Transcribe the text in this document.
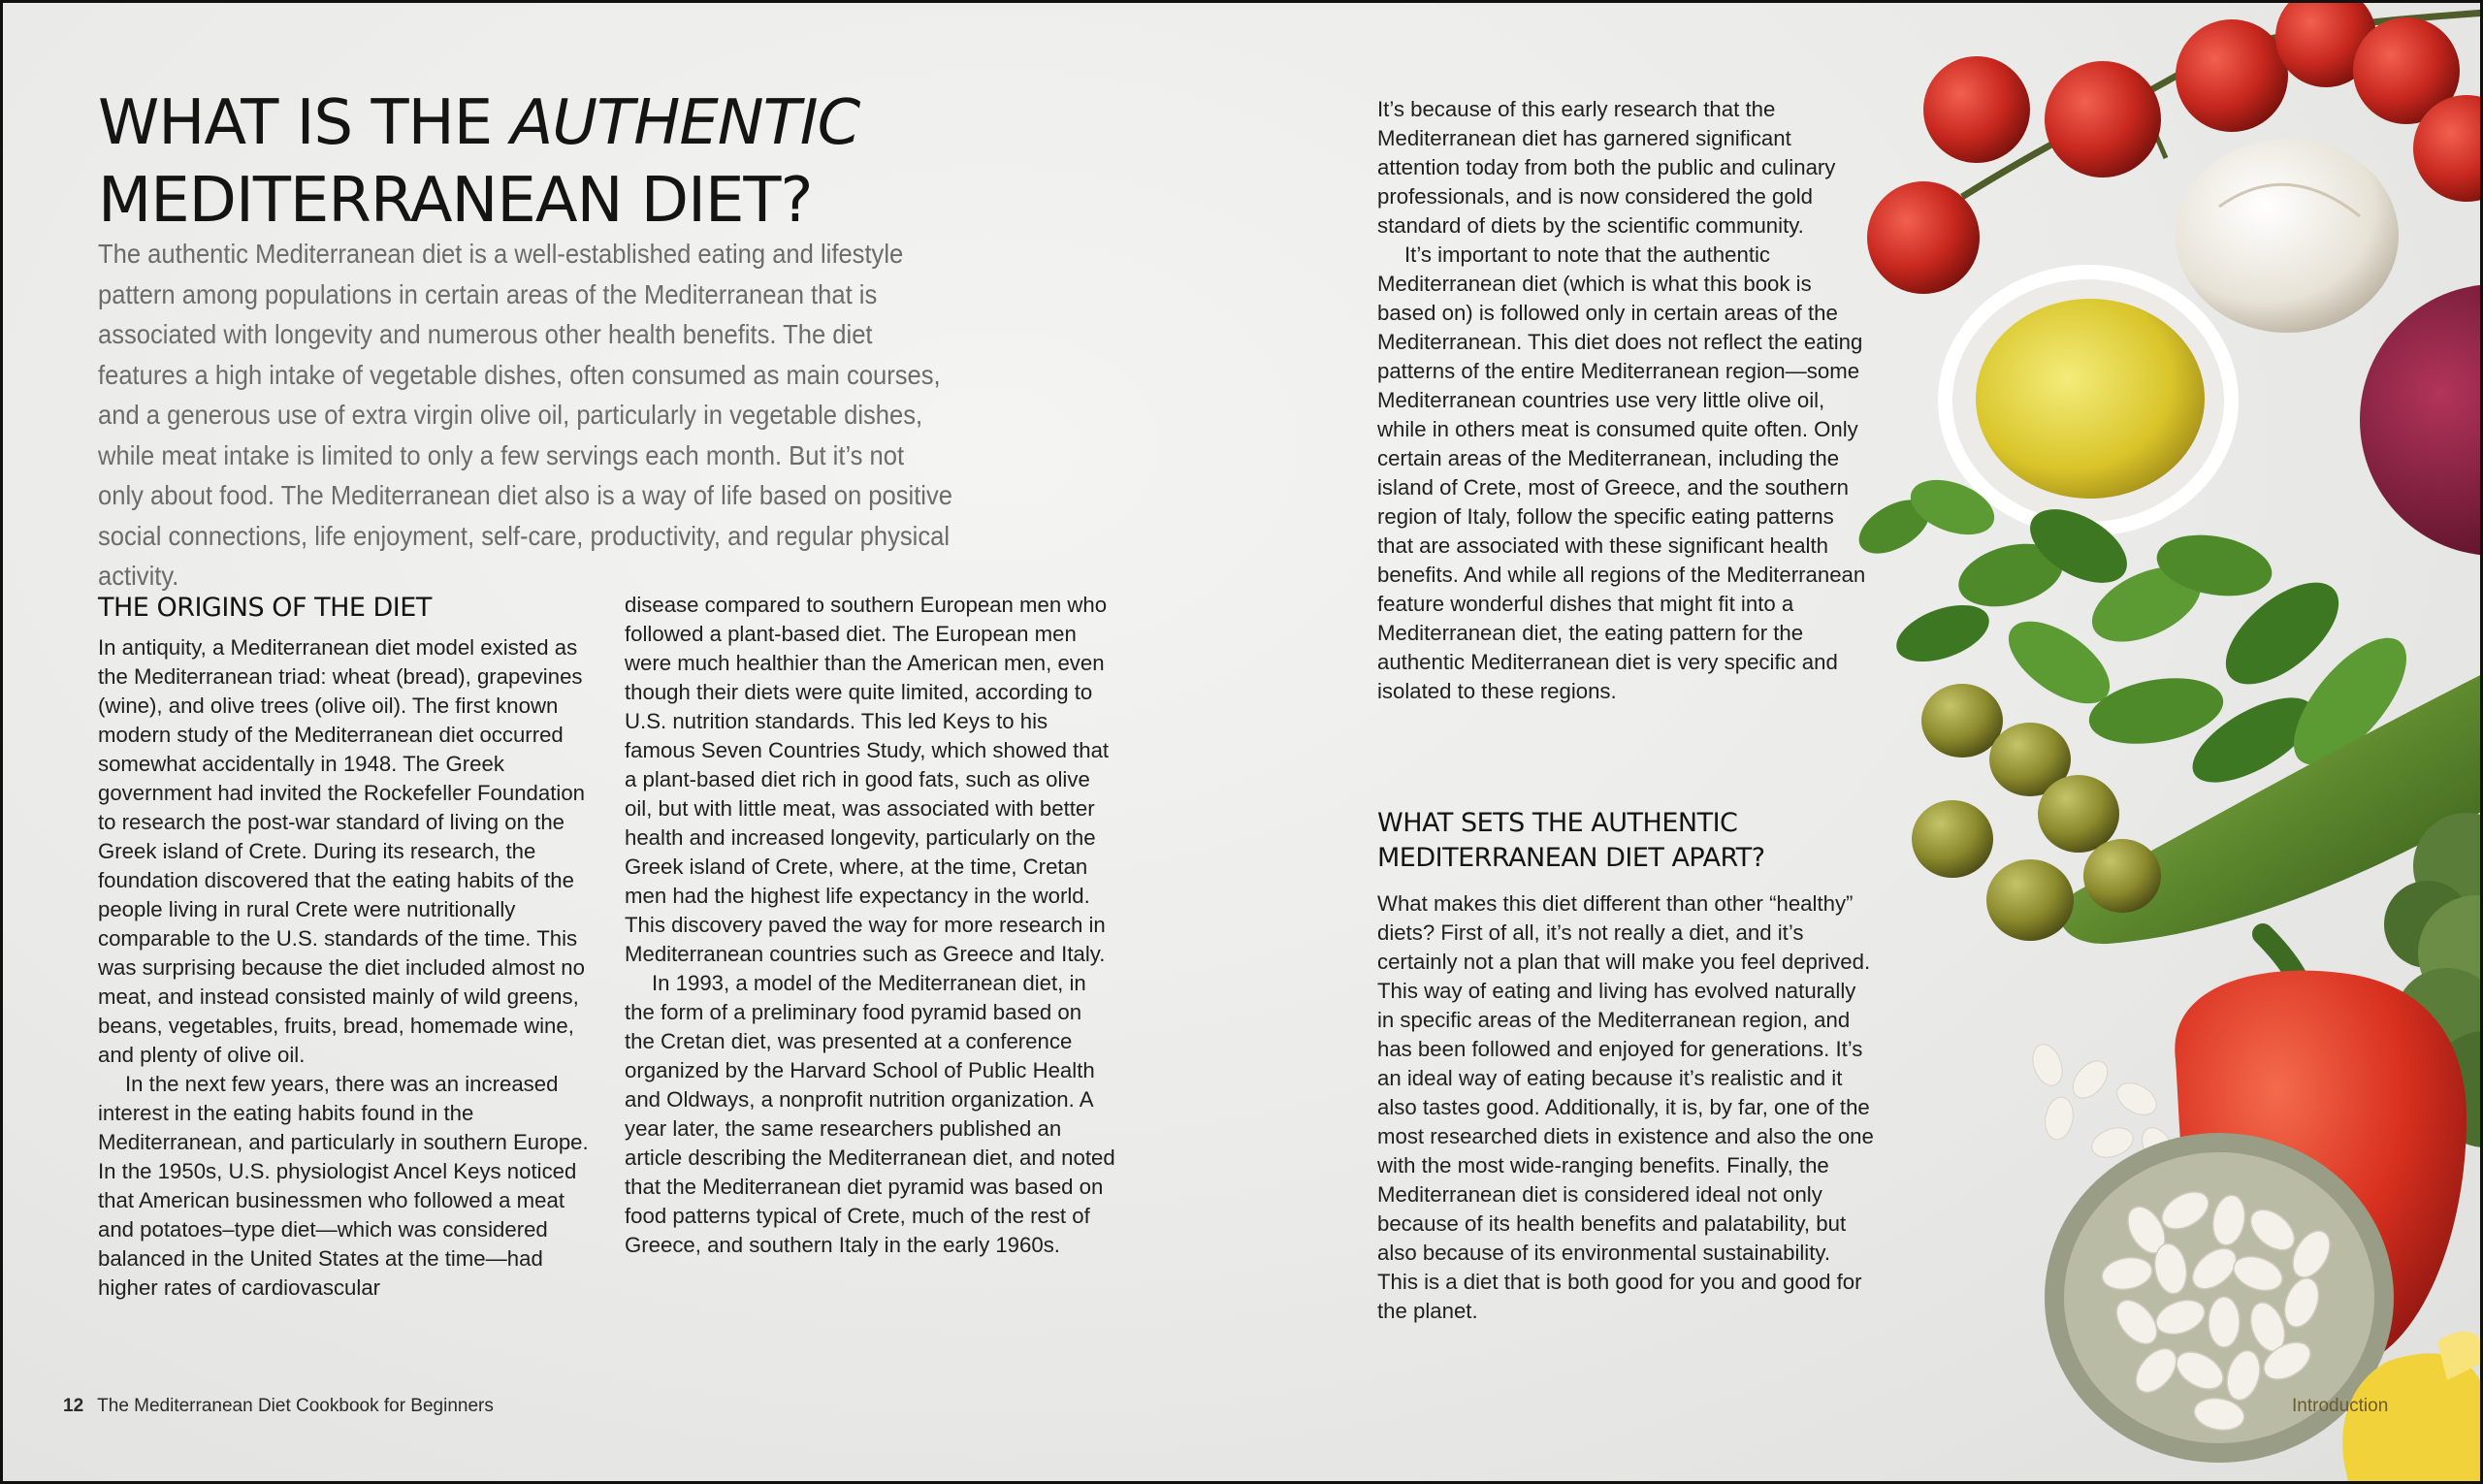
WHAT IS THE AUTHENTIC
MEDITERRANEAN DIET?

The authentic Mediterranean diet is a well-established eating and lifestyle pattern among populations in certain areas of the Mediterranean that is associated with longevity and numerous other health benefits. The diet features a high intake of vegetable dishes, often consumed as main courses, and a generous use of extra virgin olive oil, particularly in vegetable dishes, while meat intake is limited to only a few servings each month. But it’s not only about food. The Mediterranean diet also is a way of life based on positive social connections, life enjoyment, self-care, productivity, and regular physical activity.

THE ORIGINS OF THE DIET

In antiquity, a Mediterranean diet model existed as the Mediterranean triad: wheat (bread), grapevines (wine), and olive trees (olive oil). The first known modern study of the Mediterranean diet occurred somewhat accidentally in 1948. The Greek government had invited the Rockefeller Foundation to research the post-war standard of living on the Greek island of Crete. During its research, the foundation discovered that the eating habits of the people living in rural Crete were nutritionally comparable to the U.S. standards of the time. This was surprising because the diet included almost no meat, and instead consisted mainly of wild greens, beans, vegetables, fruits, bread, homemade wine, and plenty of olive oil.

In the next few years, there was an increased interest in the eating habits found in the Mediterranean, and particularly in southern Europe. In the 1950s, U.S. physiologist Ancel Keys noticed that American businessmen who followed a meat and potatoes–type diet—which was considered balanced in the United States at the time—had higher rates of cardiovascular

disease compared to southern European men who followed a plant-based diet. The European men were much healthier than the American men, even though their diets were quite limited, according to U.S. nutrition standards. This led Keys to his famous Seven Countries Study, which showed that a plant-based diet rich in good fats, such as olive oil, but with little meat, was associated with better health and increased longevity, particularly on the Greek island of Crete, where, at the time, Cretan men had the highest life expectancy in the world. This discovery paved the way for more research in Mediterranean countries such as Greece and Italy.

In 1993, a model of the Mediterranean diet, in the form of a preliminary food pyramid based on the Cretan diet, was presented at a conference organized by the Harvard School of Public Health and Oldways, a nonprofit nutrition organization. A year later, the same researchers published an article describing the Mediterranean diet, and noted that the Mediterranean diet pyramid was based on food patterns typical of Crete, much of the rest of Greece, and southern Italy in the early 1960s.

It’s because of this early research that the Mediterranean diet has garnered significant attention today from both the public and culinary professionals, and is now considered the gold standard of diets by the scientific community.

It’s important to note that the authentic Mediterranean diet (which is what this book is based on) is followed only in certain areas of the Mediterranean. This diet does not reflect the eating patterns of the entire Mediterranean region—some Mediterranean countries use very little olive oil, while in others meat is consumed quite often. Only certain areas of the Mediterranean, including the island of Crete, most of Greece, and the southern region of Italy, follow the specific eating patterns that are associated with these significant health benefits. And while all regions of the Mediterranean feature wonderful dishes that might fit into a Mediterranean diet, the eating pattern for the authentic Mediterranean diet is very specific and isolated to these regions.

WHAT SETS THE AUTHENTIC MEDITERRANEAN DIET APART?

What makes this diet different than other “healthy” diets? First of all, it’s not really a diet, and it’s certainly not a plan that will make you feel deprived. This way of eating and living has evolved naturally in specific areas of the Mediterranean region, and has been followed and enjoyed for generations. It’s an ideal way of eating because it’s realistic and it also tastes good. Additionally, it is, by far, one of the most researched diets in existence and also the one with the most wide-ranging benefits. Finally, the Mediterranean diet is considered ideal not only because of its health benefits and palatability, but also because of its environmental sustainability. This is a diet that is both good for you and good for the planet.

12 The Mediterranean Diet Cookbook for Beginners	Introduction
